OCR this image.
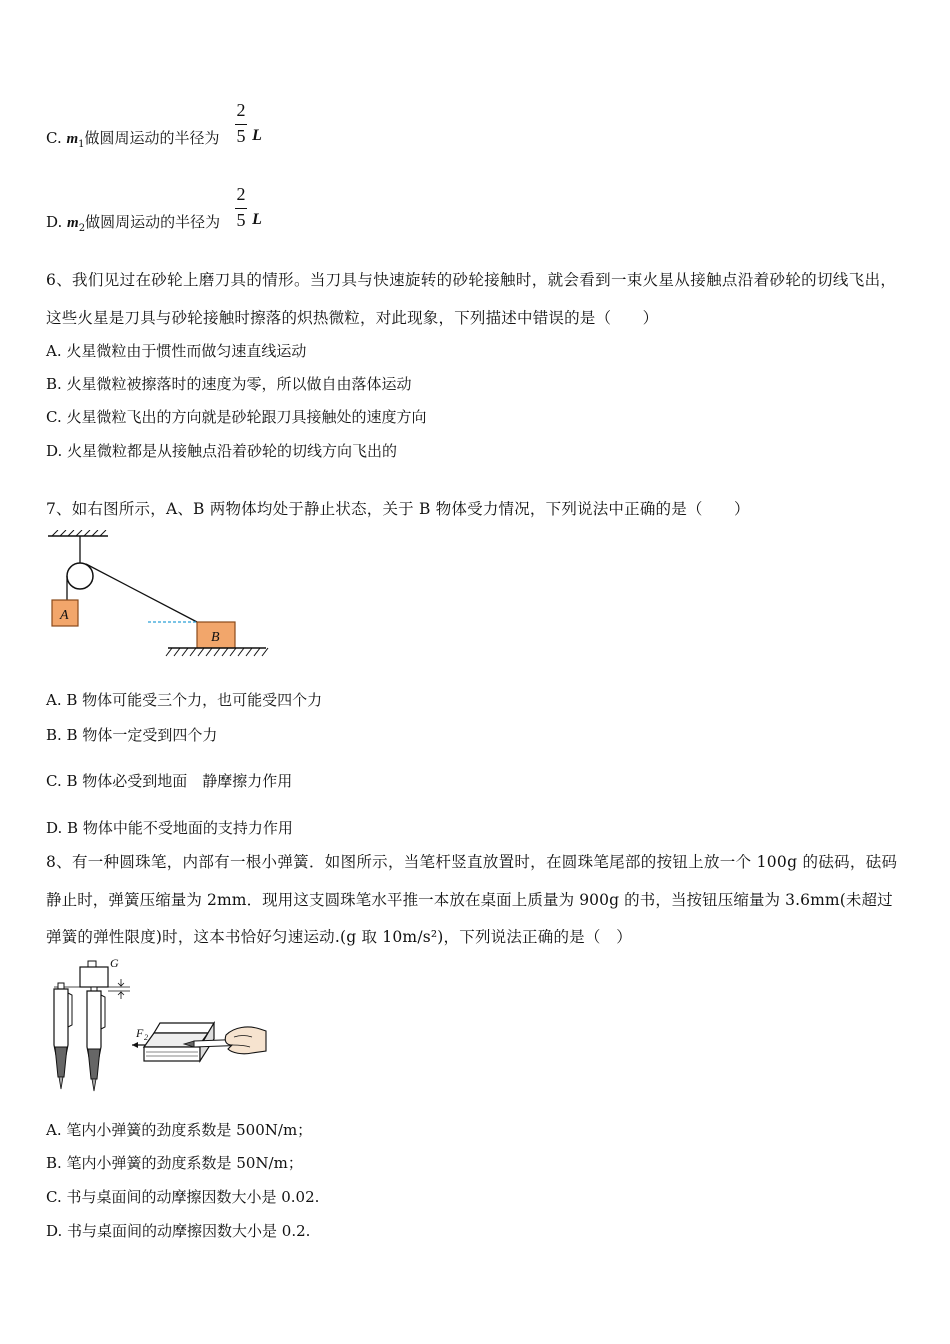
C. $m_1$做圆周运动的半径为
2
5 L
D. $m_2$做圆周运动的半径为
2
5 L
6、我们见过在砂轮上磨刀具的情形。当刀具与快速旋转的砂轮接触时，就会看到一束火星从接触点沿着砂轮的切线飞出，
这些火星是刀具与砂轮接触时擦落的炽热微粒，对此现象，下列描述中错误的是（　　）
A. 火星微粒由于惯性而做匀速直线运动
B. 火星微粒被擦落时的速度为零，所以做自由落体运动
C. 火星微粒飞出的方向就是砂轮跟刀具接触处的速度方向
D. 火星微粒都是从接触点沿着砂轮的切线方向飞出的
7、如右图所示，A、B 两物体均处于静止状态，关于 B 物体受力情况，下列说法中正确的是（　　）
A
B
A. B 物体可能受三个力，也可能受四个力
B. B 物体一定受到四个力
C. B 物体必受到地面　静摩擦力作用
D. B 物体中能不受地面的支持力作用
8、有一种圆珠笔，内部有一根小弹簧．如图所示，当笔杆竖直放置时，在圆珠笔尾部的按钮上放一个 100g 的砝码，砝码
静止时，弹簧压缩量为 2mm．现用这支圆珠笔水平推一本放在桌面上质量为 900g 的书，当按钮压缩量为 3.6mm(未超过
弹簧的弹性限度)时，这本书恰好匀速运动.(g 取 10m/s²)，下列说法正确的是（　）
G
F 2
A. 笔内小弹簧的劲度系数是 500N/m；
B. 笔内小弹簧的劲度系数是 50N/m；
C. 书与桌面间的动摩擦因数大小是 0.02.
D. 书与桌面间的动摩擦因数大小是 0.2.
